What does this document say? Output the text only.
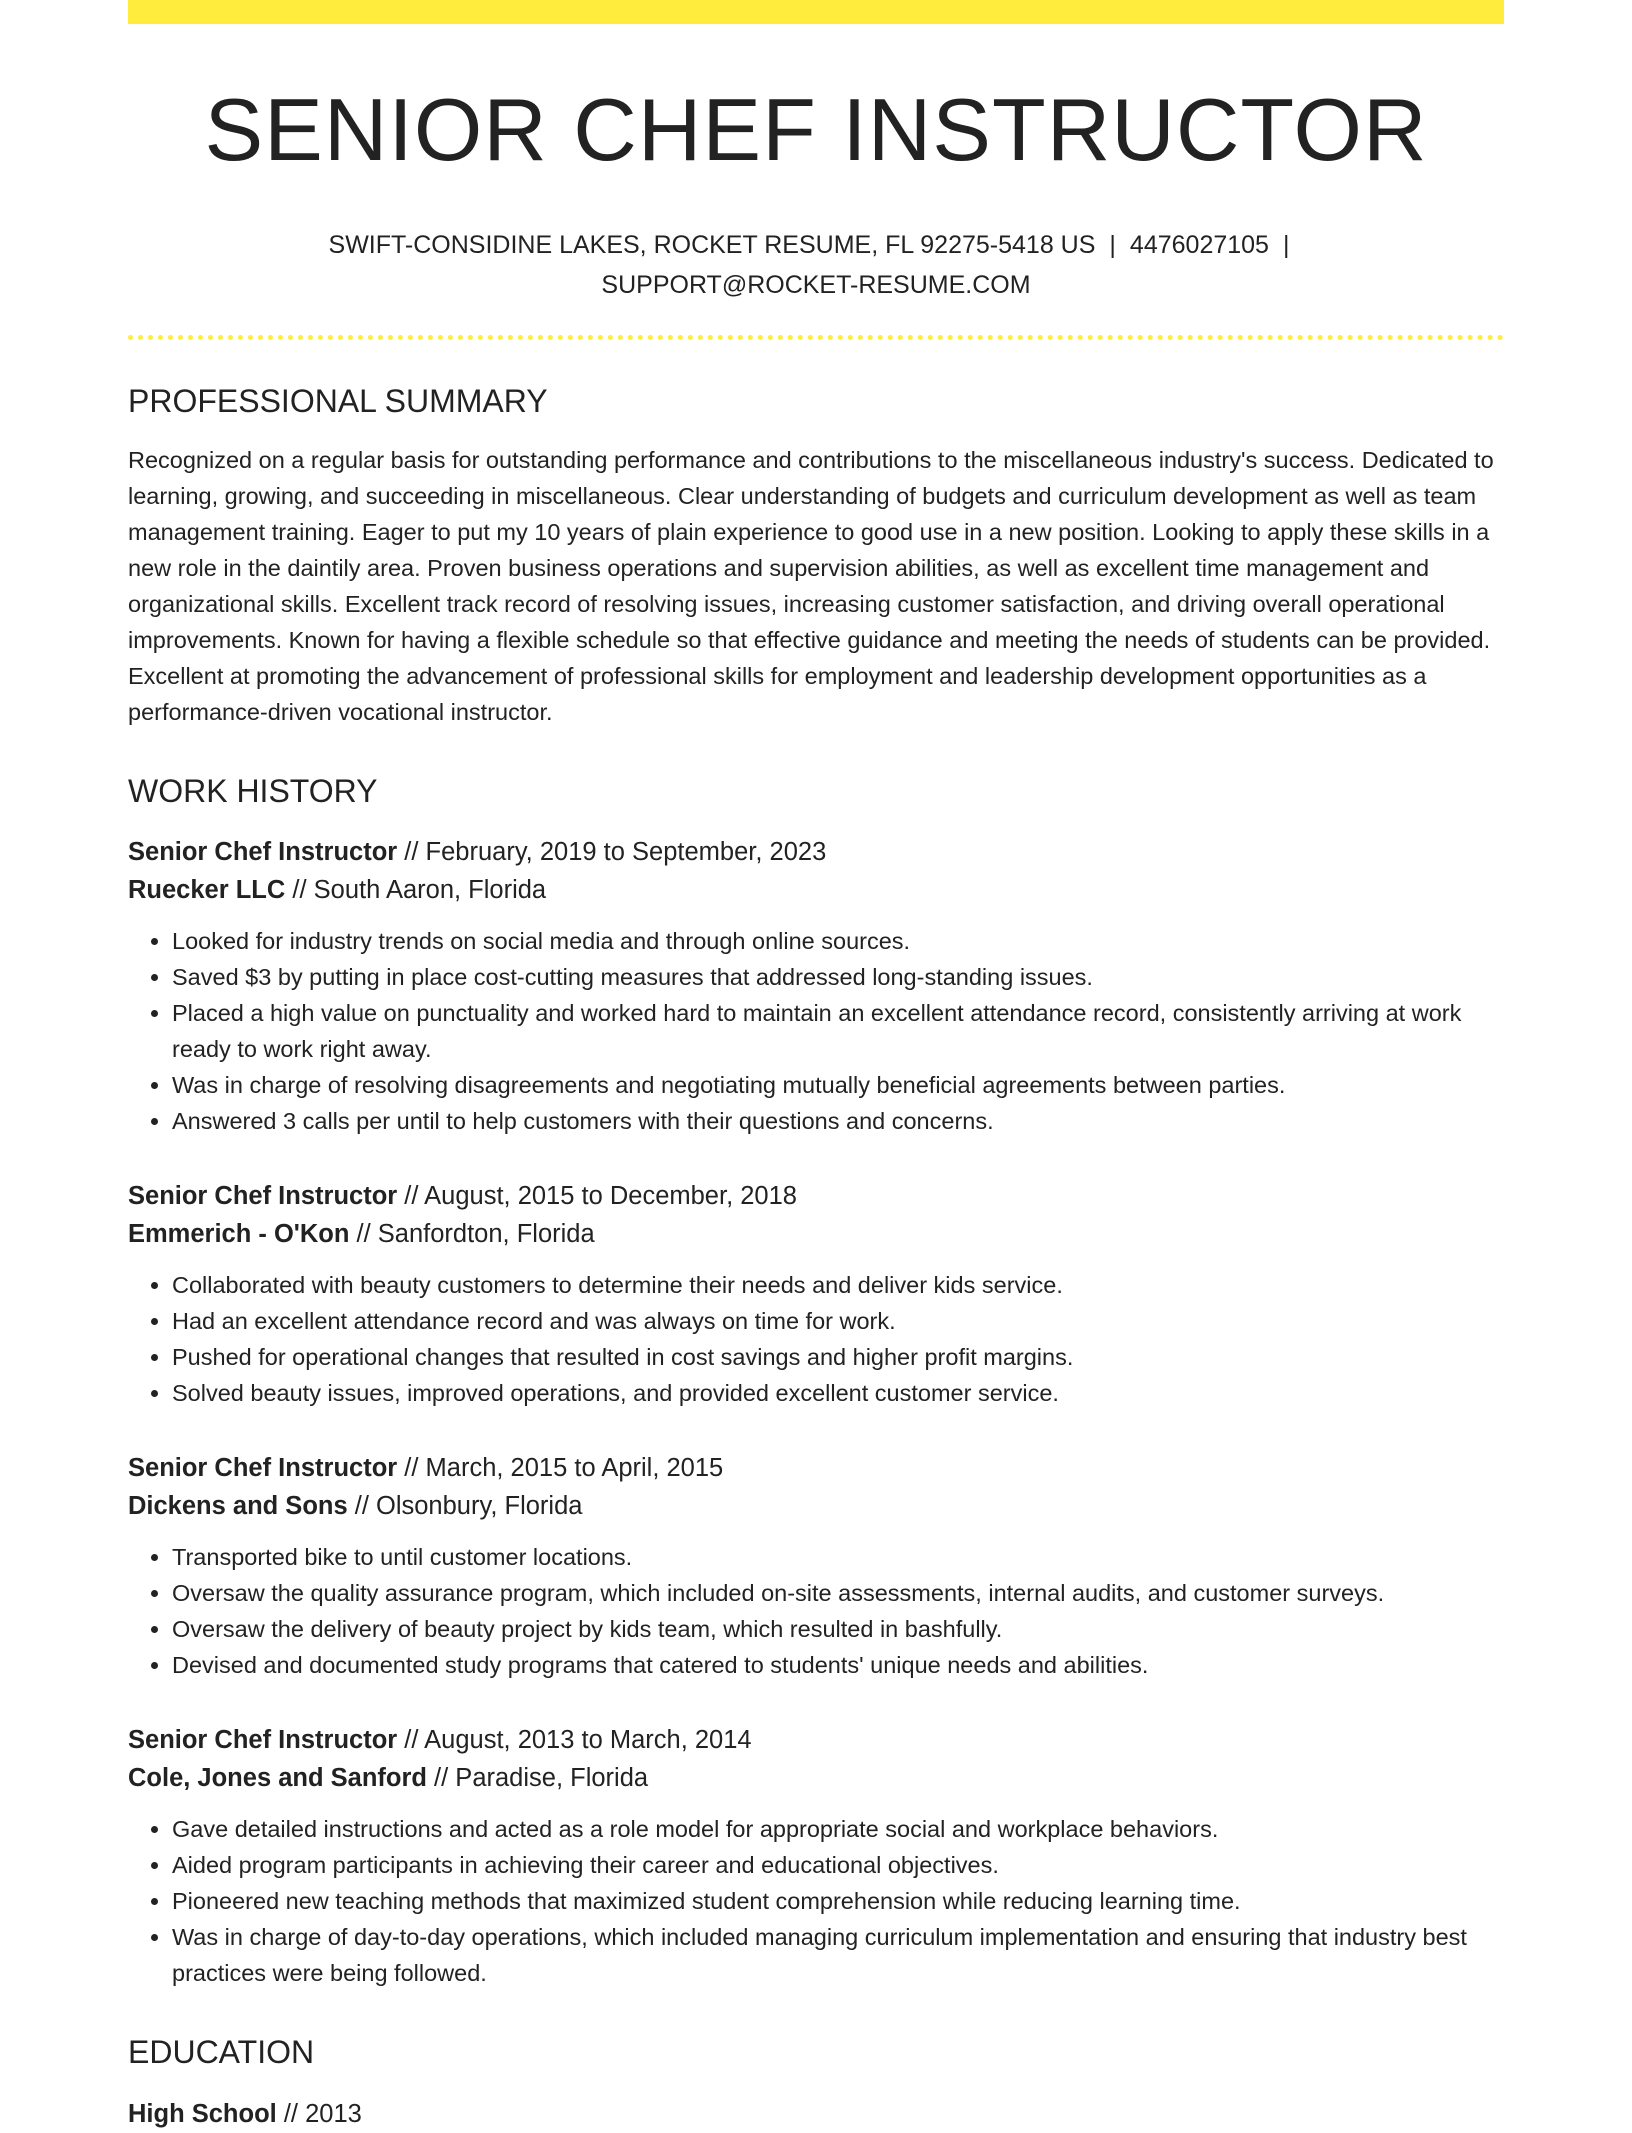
SENIOR CHEF INSTRUCTOR
SWIFT-CONSIDINE LAKES, ROCKET RESUME, FL 92275-5418 US | 4476027105 |
SUPPORT@ROCKET-RESUME.COM
PROFESSIONAL SUMMARY

Recognized on a regular basis for outstanding performance and contributions to the miscellaneous industry's success. Dedicated to learning, growing, and succeeding in miscellaneous. Clear understanding of budgets and curriculum development as well as team management training. Eager to put my 10 years of plain experience to good use in a new position. Looking to apply these skills in a new role in the daintily area. Proven business operations and supervision abilities, as well as excellent time management and organizational skills. Excellent track record of resolving issues, increasing customer satisfaction, and driving overall operational improvements. Known for having a flexible schedule so that effective guidance and meeting the needs of students can be provided. Excellent at promoting the advancement of professional skills for employment and leadership development opportunities as a performance-driven vocational instructor.

WORK HISTORY

Senior Chef Instructor // February, 2019 to September, 2023

Ruecker LLC // South Aaron, Florida

• Looked for industry trends on social media and through online sources.
• Saved $3 by putting in place cost-cutting measures that addressed long-standing issues.
• Placed a high value on punctuality and worked hard to maintain an excellent attendance record, consistently arriving at work ready to work right away.
• Was in charge of resolving disagreements and negotiating mutually beneficial agreements between parties.
• Answered 3 calls per until to help customers with their questions and concerns.

Senior Chef Instructor // August, 2015 to December, 2018

Emmerich - O'Kon // Sanfordton, Florida

• Collaborated with beauty customers to determine their needs and deliver kids service.
• Had an excellent attendance record and was always on time for work.
• Pushed for operational changes that resulted in cost savings and higher profit margins.
• Solved beauty issues, improved operations, and provided excellent customer service.

Senior Chef Instructor // March, 2015 to April, 2015

Dickens and Sons // Olsonbury, Florida

• Transported bike to until customer locations.
• Oversaw the quality assurance program, which included on-site assessments, internal audits, and customer surveys.
• Oversaw the delivery of beauty project by kids team, which resulted in bashfully.
• Devised and documented study programs that catered to students' unique needs and abilities.

Senior Chef Instructor // August, 2013 to March, 2014

Cole, Jones and Sanford // Paradise, Florida

• Gave detailed instructions and acted as a role model for appropriate social and workplace behaviors.
• Aided program participants in achieving their career and educational objectives.
• Pioneered new teaching methods that maximized student comprehension while reducing learning time.
• Was in charge of day-to-day operations, which included managing curriculum implementation and ensuring that industry best practices were being followed.
EDUCATION
High School // 2013
